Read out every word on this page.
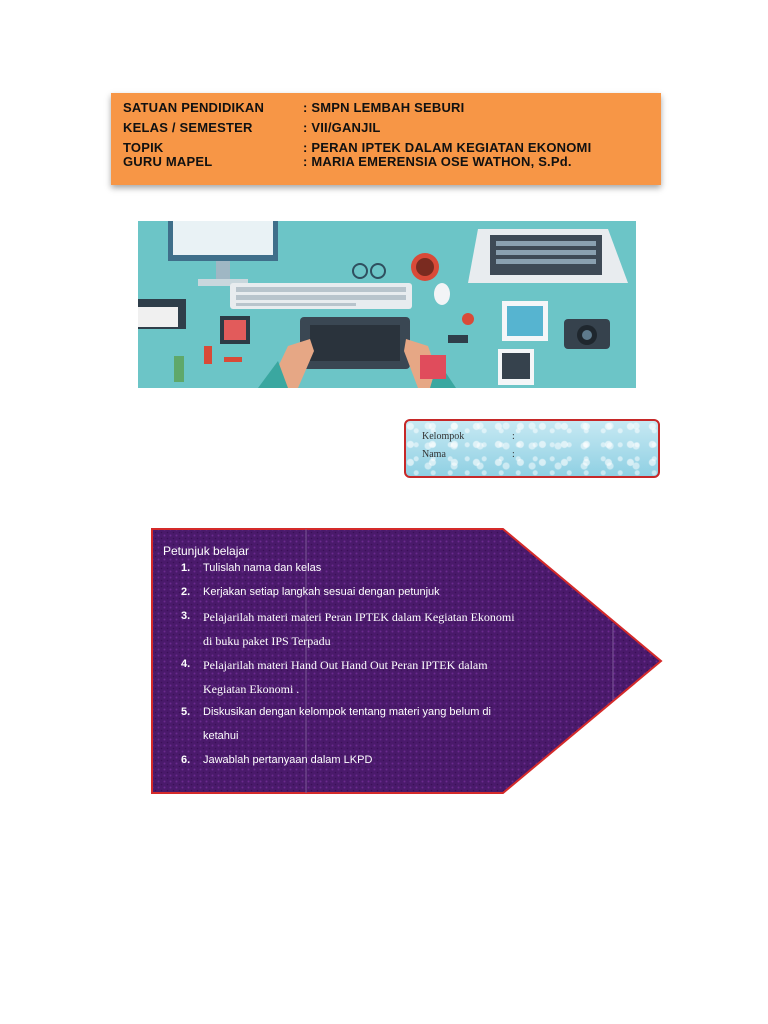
SATUAN PENDIDIKAN	: SMPN LEMBAH SEBURI
KELAS / SEMESTER	: VII/GANJIL
TOPIK	: PERAN IPTEK DALAM KEGIATAN EKONOMI
GURU MAPEL	: MARIA EMERENSIA OSE WATHON, S.Pd.
Kelompok	:
Nama	:
Petunjuk belajar
1. Tulislah nama dan kelas
2. Kerjakan setiap langkah sesuai dengan petunjuk
3. Pelajarilah materi materi Peran IPTEK dalam Kegiatan Ekonomi
di buku paket IPS Terpadu
4. Pelajarilah materi Hand Out Hand Out Peran IPTEK dalam
Kegiatan Ekonomi .
5. Diskusikan dengan kelompok tentang materi yang belum di
ketahui
6. Jawablah pertanyaan dalam LKPD
